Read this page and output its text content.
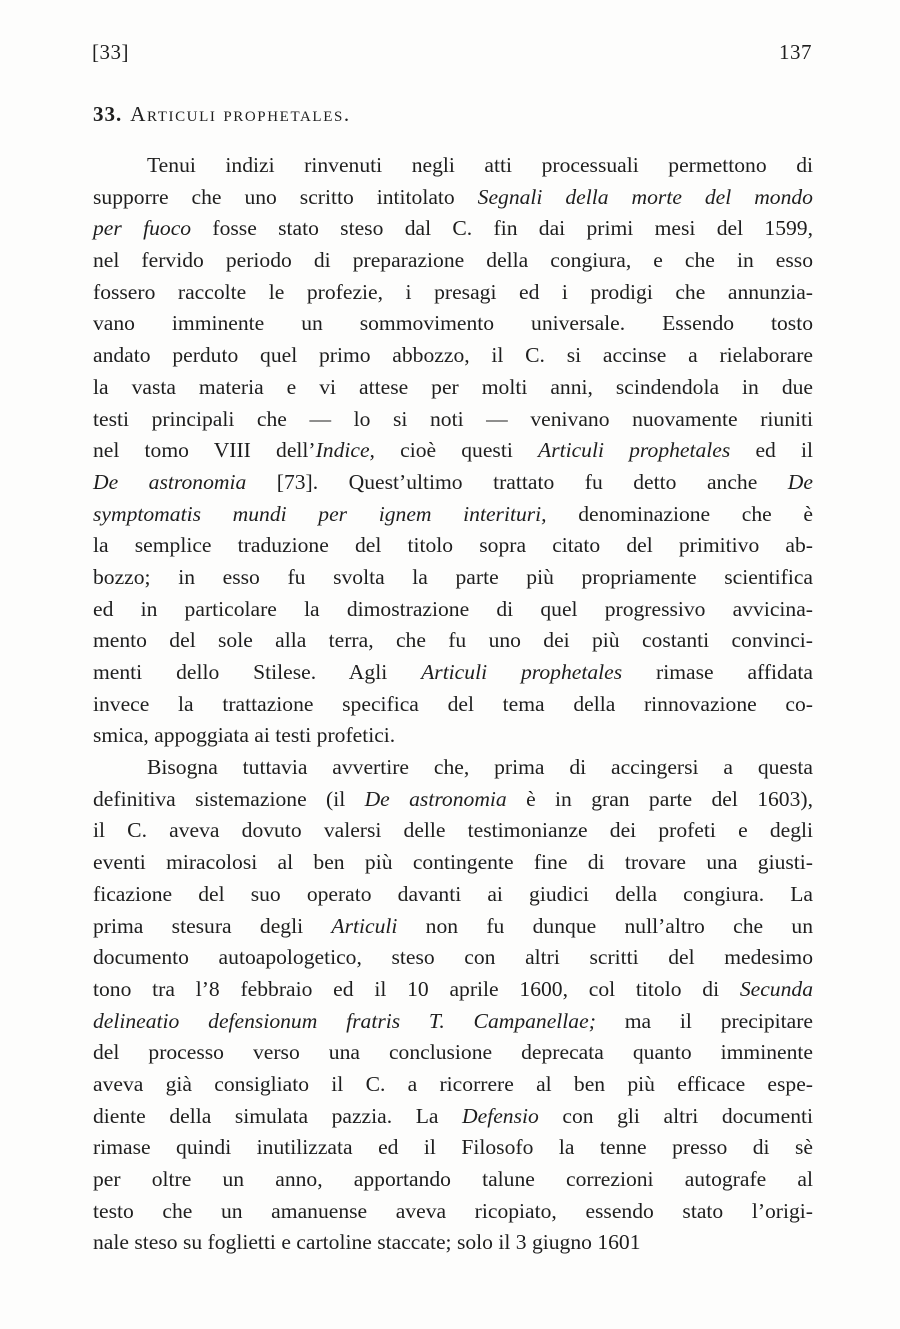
[33]	137
33. Articuli prophetales.
Tenui indizi rinvenuti negli atti processuali permettono di
supporre che uno scritto intitolato Segnali della morte del mondo
per fuoco fosse stato steso dal C. fin dai primi mesi del 1599,
nel fervido periodo di preparazione della congiura, e che in esso
fossero raccolte le profezie, i presagi ed i prodigi che annunzia-
vano imminente un sommovimento universale. Essendo tosto
andato perduto quel primo abbozzo, il C. si accinse a rielaborare
la vasta materia e vi attese per molti anni, scindendola in due
testi principali che — lo si noti — venivano nuovamente riuniti
nel tomo VIII dell’Indice, cioè questi Articuli prophetales ed il
De astronomia [73]. Quest’ultimo trattato fu detto anche De
symptomatis mundi per ignem interituri, denominazione che è
la semplice traduzione del titolo sopra citato del primitivo ab-
bozzo; in esso fu svolta la parte più propriamente scientifica
ed in particolare la dimostrazione di quel progressivo avvicina-
mento del sole alla terra, che fu uno dei più costanti convinci-
menti dello Stilese. Agli Articuli prophetales rimase affidata
invece la trattazione specifica del tema della rinnovazione co-
smica, appoggiata ai testi profetici.
Bisogna tuttavia avvertire che, prima di accingersi a questa
definitiva sistemazione (il De astronomia è in gran parte del 1603),
il C. aveva dovuto valersi delle testimonianze dei profeti e degli
eventi miracolosi al ben più contingente fine di trovare una giusti-
ficazione del suo operato davanti ai giudici della congiura. La
prima stesura degli Articuli non fu dunque null’altro che un
documento autoapologetico, steso con altri scritti del medesimo
tono tra l’8 febbraio ed il 10 aprile 1600, col titolo di Secunda
delineatio defensionum fratris T. Campanellae; ma il precipitare
del processo verso una conclusione deprecata quanto imminente
aveva già consigliato il C. a ricorrere al ben più efficace espe-
diente della simulata pazzia. La Defensio con gli altri documenti
rimase quindi inutilizzata ed il Filosofo la tenne presso di sè
per oltre un anno, apportando talune correzioni autografe al
testo che un amanuense aveva ricopiato, essendo stato l’origi-
nale steso su foglietti e cartoline staccate; solo il 3 giugno 1601
